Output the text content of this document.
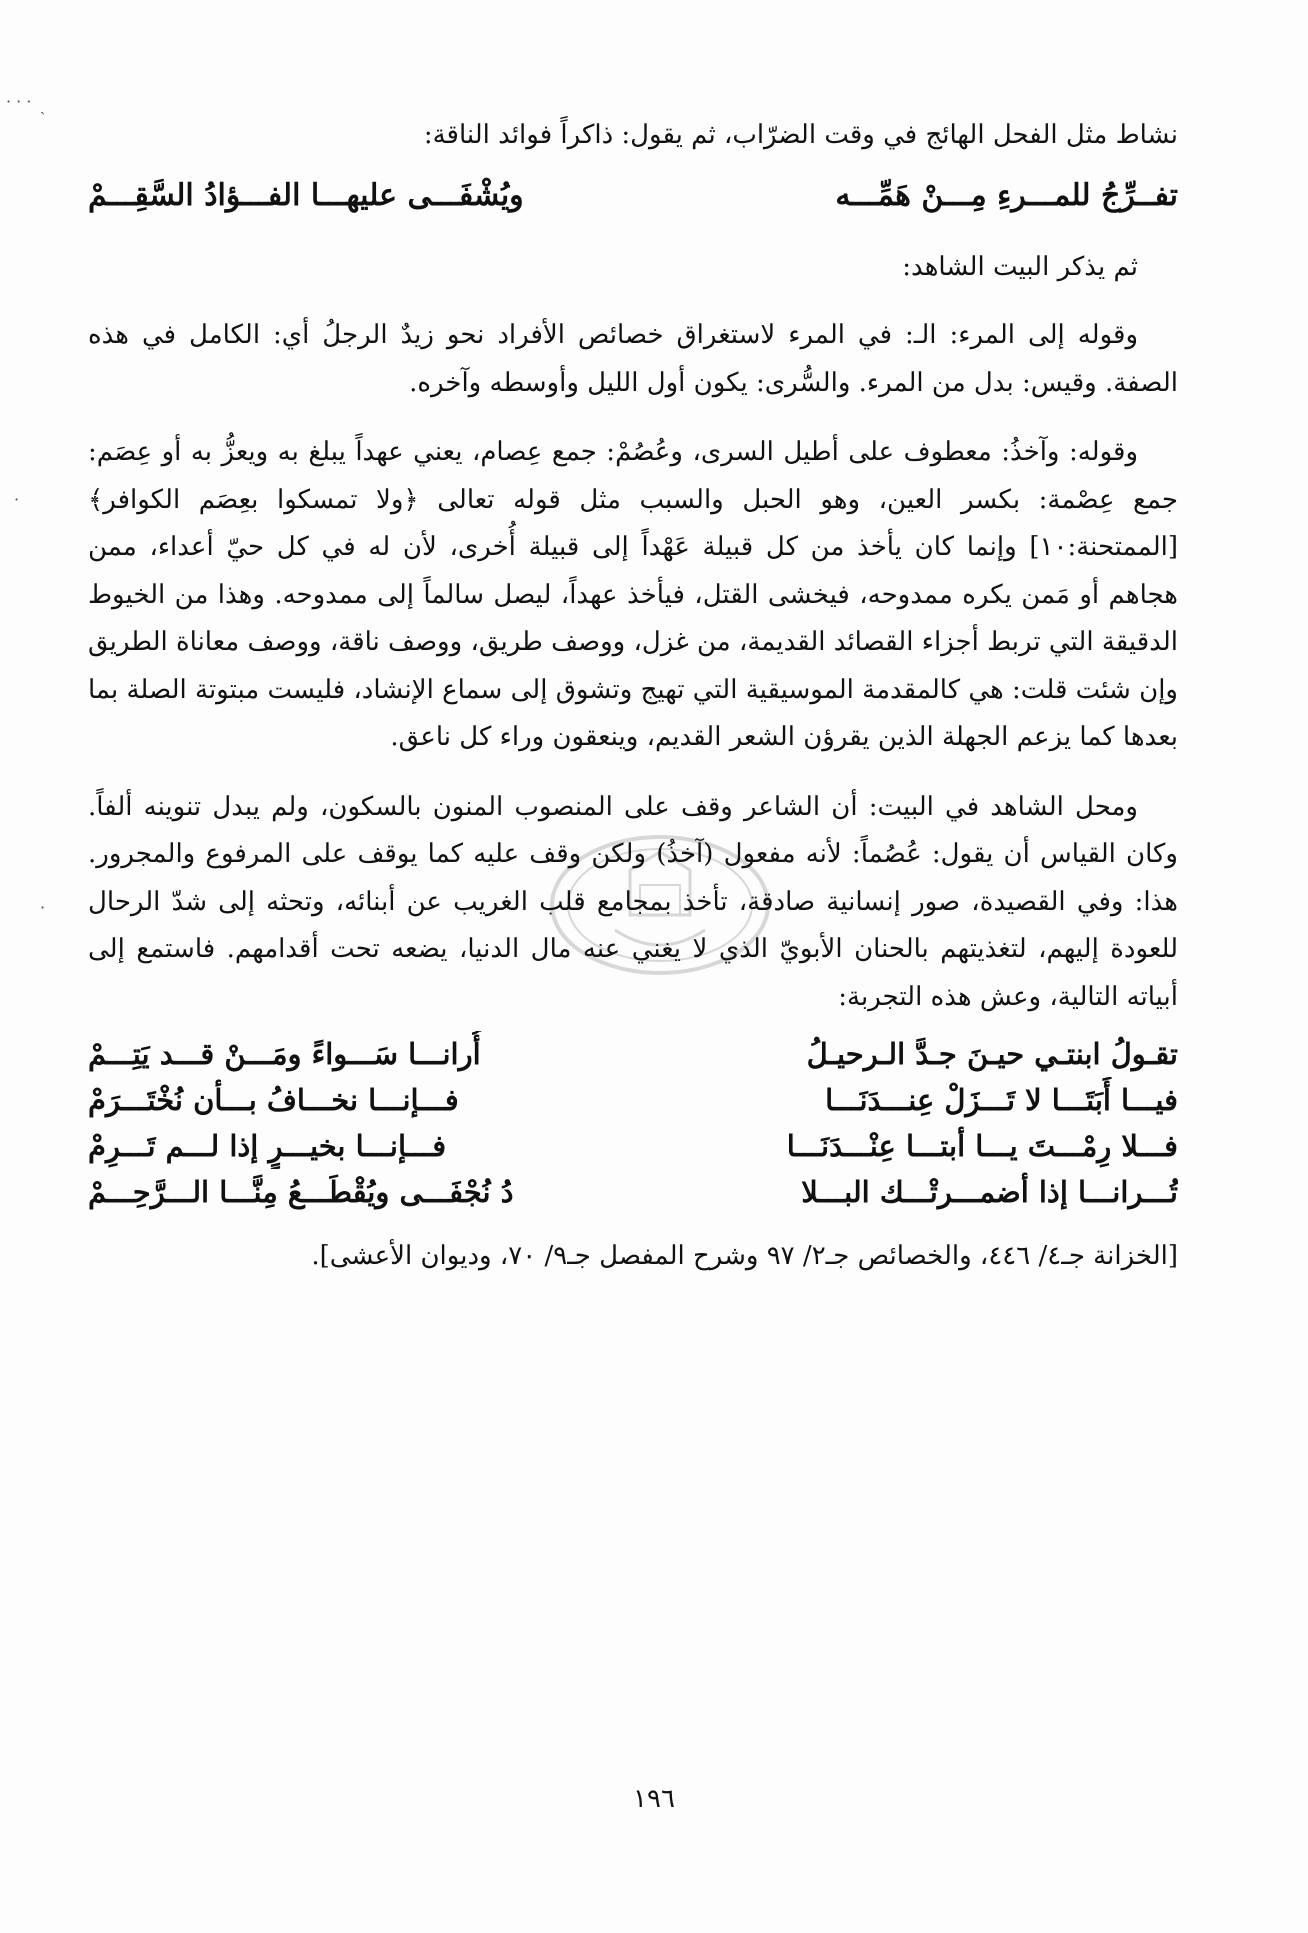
· · · ˎ
·
·

نشاط مثل الفحل الهائج في وقت الضرّاب، ثم يقول: ذاكراً فوائد الناقة:

تفــرِّجُ للمـــرءِ مِـــنْ هَمِّـــه
ويُشْفَـــى عليهـــا الفـــؤادُ السَّقِـــمْ

ثم يذكر البيت الشاهد:

وقوله إلى المرء: الـ: في المرء لاستغراق خصائص الأفراد نحو زيدٌ الرجلُ أي: الكامل في هذه الصفة. وقيس: بدل من المرء. والسُّرى: يكون أول الليل وأوسطه وآخره.

وقوله: وآخذُ: معطوف على أطيل السرى، وعُصُمْ: جمع عِصام، يعني عهداً يبلغ به ويعزُّ به أو عِصَم: جمع عِصْمة: بكسر العين، وهو الحبل والسبب مثل قوله تعالى ﴿ولا تمسكوا بعِصَم الكوافر﴾ [الممتحنة:١٠] وإنما كان يأخذ من كل قبيلة عَهْداً إلى قبيلة أُخرى، لأن له في كل حيّ أعداء، ممن هجاهم أو مَمن يكره ممدوحه، فيخشى القتل، فيأخذ عهداً، ليصل سالماً إلى ممدوحه. وهذا من الخيوط الدقيقة التي تربط أجزاء القصائد القديمة، من غزل، ووصف طريق، ووصف ناقة، ووصف معاناة الطريق وإن شئت قلت: هي كالمقدمة الموسيقية التي تهيج وتشوق إلى سماع الإنشاد، فليست مبتوتة الصلة بما بعدها كما يزعم الجهلة الذين يقرؤن الشعر القديم، وينعقون وراء كل ناعق.

ومحل الشاهد في البيت: أن الشاعر وقف على المنصوب المنون بالسكون، ولم يبدل تنوينه ألفاً. وكان القياس أن يقول: عُصُماً: لأنه مفعول (آخذُ) ولكن وقف عليه كما يوقف على المرفوع والمجرور. هذا: وفي القصيدة، صور إنسانية صادقة، تأخذ بمجامع قلب الغريب عن أبنائه، وتحثه إلى شدّ الرحال للعودة إليهم، لتغذيتهم بالحنان الأبويّ الذي لا يغني عنه مال الدنيا، يضعه تحت أقدامهم. فاستمع إلى أبياته التالية، وعش هذه التجربة:

تقـولُ ابنتـي حيـنَ جـدَّ الـرحيـلُ
أُرانـــا سَـــواءً ومَـــنْ قـــد يَتِـــمْ
فيـــا أَبَتَـــا لا تَـــزَلْ عِنـــدَنَـــا
فـــإنـــا نخـــافُ بـــأن نُخْتَـــرَمْ
فـــلا رِمْـــتَ يـــا أبتـــا عِنْـــدَنَـــا
فـــإنـــا بخيـــرٍ إذا لـــم تَـــرِمْ
تُـــرانـــا إذا أضمـــرتْـــك البـــلا
دُ نُجْفَـــى ويُقْطَـــعُ مِنَّـــا الـــرَّحِـــمْ

[الخزانة جـ٤/ ٤٤٦، والخصائص جـ٢/ ٩٧ وشرح المفصل جـ٩/ ٧٠، وديوان الأعشى].

١٩٦
